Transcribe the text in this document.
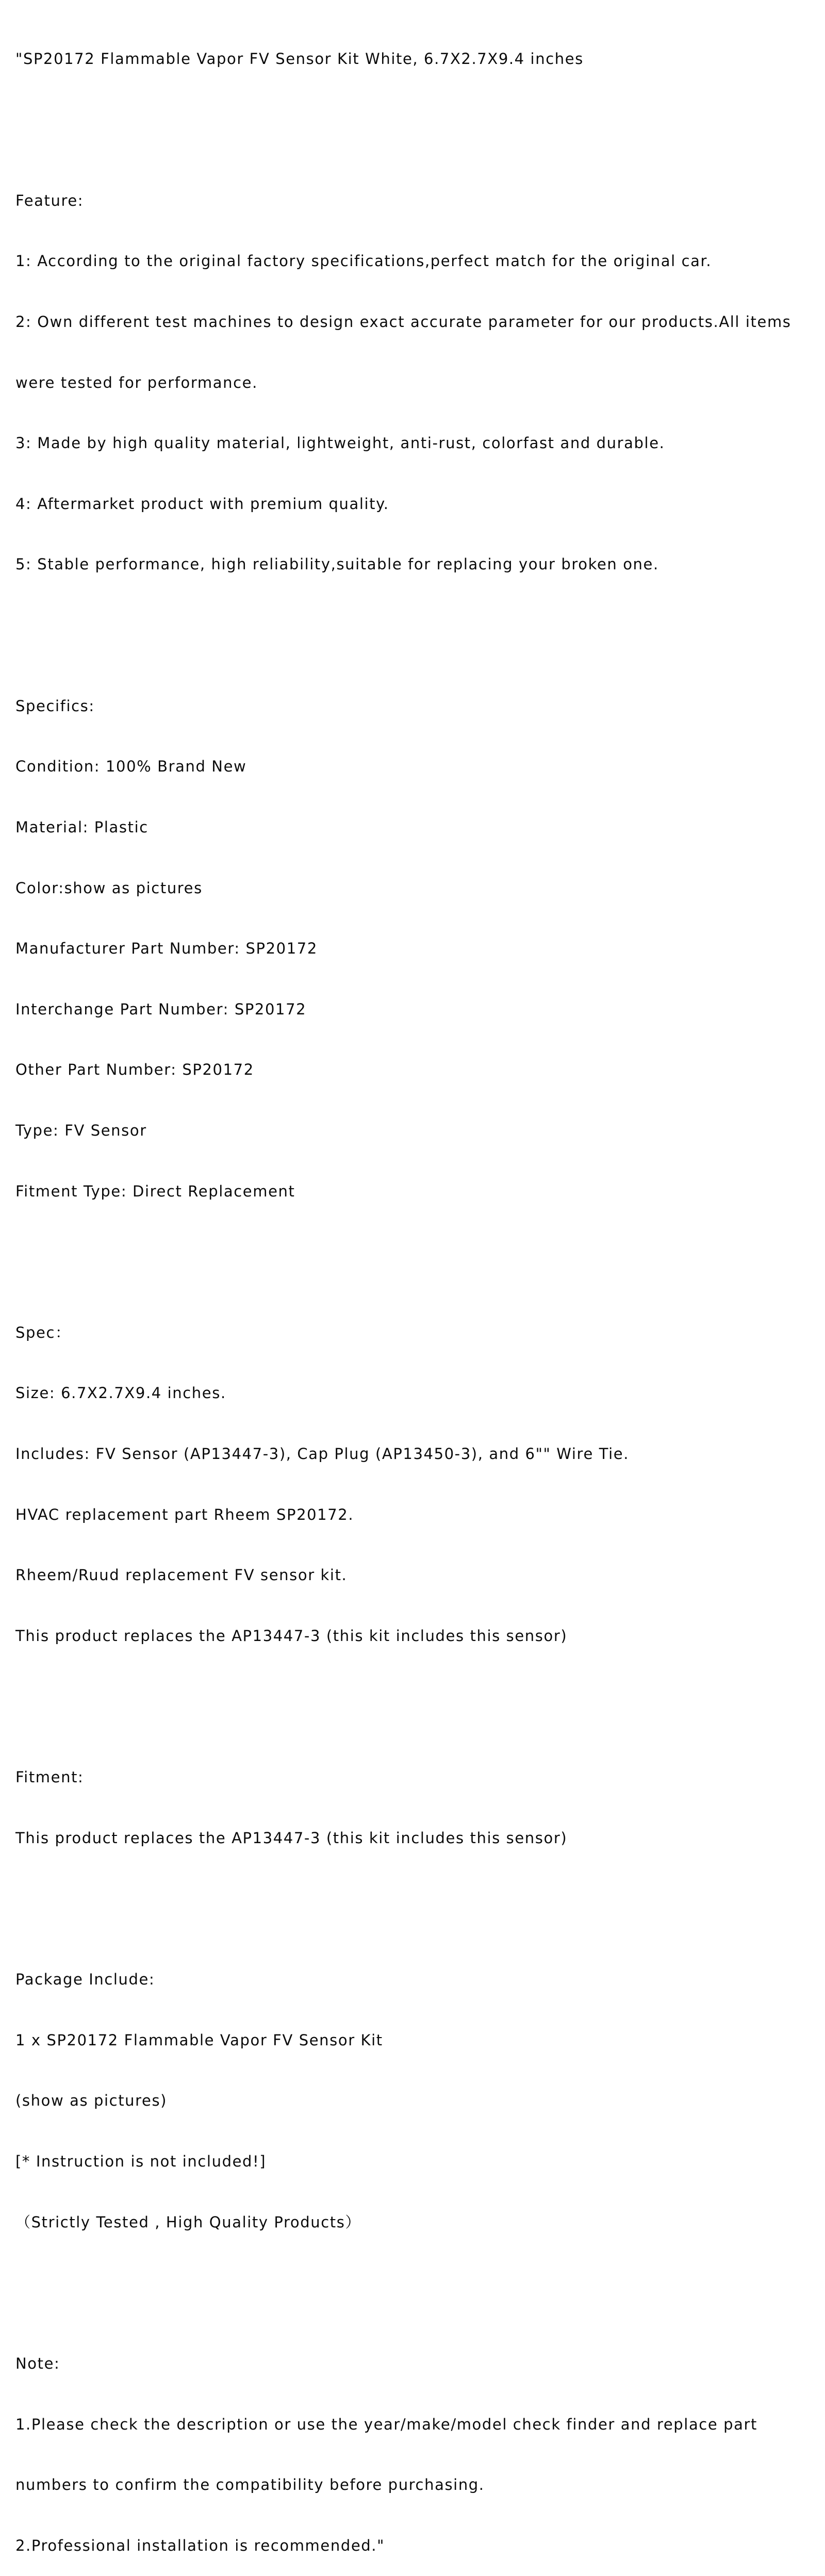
"SP20172 Flammable Vapor FV Sensor Kit White, 6.7X2.7X9.4 inches

Feature:

1: According to the original factory specifications,perfect match for the original car.

2: Own different test machines to design exact accurate parameter for our products.All items

were tested for performance.

3: Made by high quality material, lightweight, anti-rust, colorfast and durable.

4: Aftermarket product with premium quality.

5: Stable performance, high reliability,suitable for replacing your broken one.

Specifics:

Condition: 100% Brand New

Material: Plastic

Color:show as pictures

Manufacturer Part Number: SP20172

Interchange Part Number: SP20172

Other Part Number: SP20172

Type: FV Sensor

Fitment Type: Direct Replacement

Spec：

Size: 6.7X2.7X9.4 inches.

Includes: FV Sensor (AP13447-3), Cap Plug (AP13450-3), and 6"" Wire Tie.

HVAC replacement part Rheem SP20172.

Rheem/Ruud replacement FV sensor kit.

This product replaces the AP13447-3 (this kit includes this sensor)

Fitment:

This product replaces the AP13447-3 (this kit includes this sensor)

Package Include:

1 x SP20172 Flammable Vapor FV Sensor Kit

(show as pictures)

[* Instruction is not included!]

（Strictly Tested , High Quality Products）

Note:

1.Please check the description or use the year/make/model check finder and replace part

numbers to confirm the compatibility before purchasing.

2.Professional installation is recommended."
